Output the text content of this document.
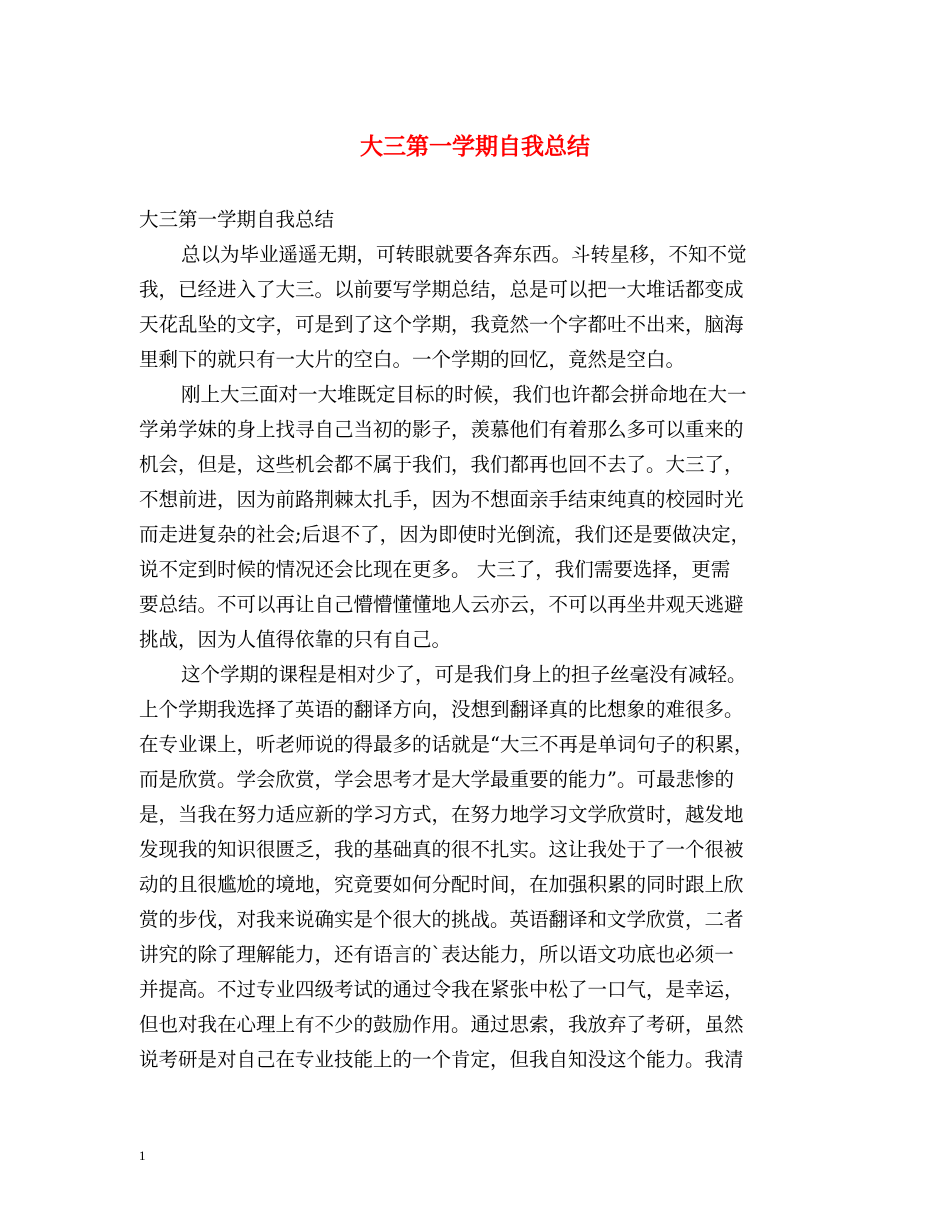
大三第一学期自我总结
大三第一学期自我总结
总以为毕业遥遥无期，可转眼就要各奔东西。斗转星移，不知不觉
我，已经进入了大三。以前要写学期总结，总是可以把一大堆话都变成
天花乱坠的文字，可是到了这个学期，我竟然一个字都吐不出来，脑海
里剩下的就只有一大片的空白。一个学期的回忆，竟然是空白。
刚上大三面对一大堆既定目标的时候，我们也许都会拼命地在大一
学弟学妹的身上找寻自己当初的影子，羡慕他们有着那么多可以重来的
机会，但是，这些机会都不属于我们，我们都再也回不去了。大三了，
不想前进，因为前路荆棘太扎手，因为不想面亲手结束纯真的校园时光
而走进复杂的社会;后退不了，因为即使时光倒流，我们还是要做决定，
说不定到时候的情况还会比现在更多。 大三了，我们需要选择，更需
要总结。不可以再让自己懵懵懂懂地人云亦云，不可以再坐井观天逃避
挑战，因为人值得依靠的只有自己。
这个学期的课程是相对少了，可是我们身上的担子丝毫没有减轻。
上个学期我选择了英语的翻译方向，没想到翻译真的比想象的难很多。
在专业课上，听老师说的得最多的话就是“大三不再是单词句子的积累，
而是欣赏。学会欣赏，学会思考才是大学最重要的能力”。可最悲惨的
是，当我在努力适应新的学习方式，在努力地学习文学欣赏时，越发地
发现我的知识很匮乏，我的基础真的很不扎实。这让我处于了一个很被
动的且很尴尬的境地，究竟要如何分配时间，在加强积累的同时跟上欣
赏的步伐，对我来说确实是个很大的挑战。英语翻译和文学欣赏，二者
讲究的除了理解能力，还有语言的`表达能力，所以语文功底也必须一
并提高。不过专业四级考试的通过令我在紧张中松了一口气，是幸运，
但也对我在心理上有不少的鼓励作用。通过思索，我放弃了考研，虽然
说考研是对自己在专业技能上的一个肯定，但我自知没这个能力。我清
1
